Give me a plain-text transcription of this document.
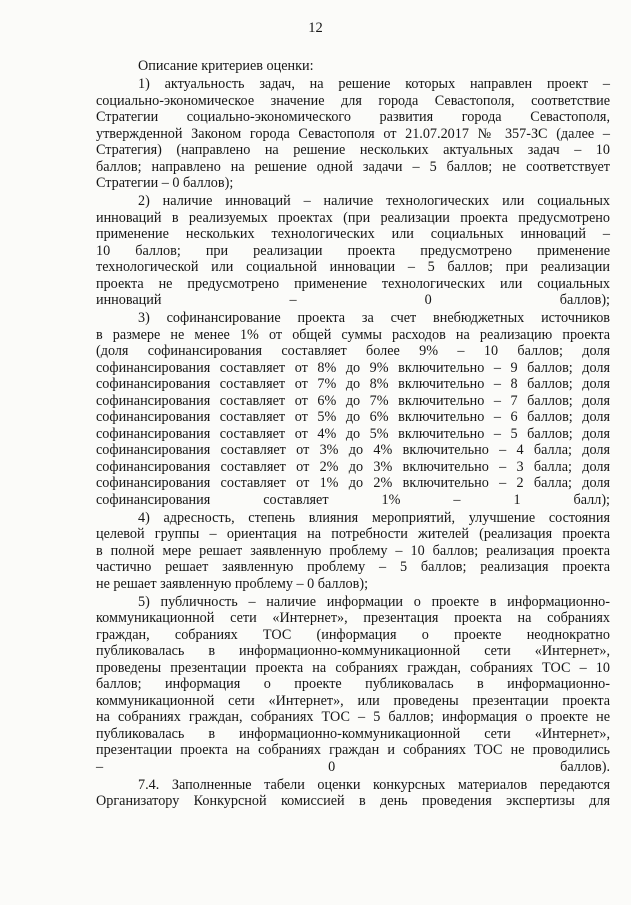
12
Описание критериев оценки:
1) актуальность задач, на решение которых направлен проект –
социально-экономическое значение для города Севастополя, соответствие
Стратегии социально-экономического развития города Севастополя,
утвержденной Законом города Севастополя от 21.07.2017 № 357-ЗС (далее –
Стратегия) (направлено на решение нескольких актуальных задач – 10
баллов; направлено на решение одной задачи – 5 баллов; не соответствует
Стратегии – 0 баллов);
2) наличие инноваций – наличие технологических или социальных
инноваций в реализуемых проектах (при реализации проекта предусмотрено
применение нескольких технологических или социальных инноваций –
10 баллов; при реализации проекта предусмотрено применение
технологической или социальной инновации – 5 баллов; при реализации
проекта не предусмотрено применение технологических или социальных
инноваций – 0 баллов);
3) софинансирование проекта за счет внебюджетных источников
в размере не менее 1% от общей суммы расходов на реализацию проекта
(доля софинансирования составляет более 9% – 10 баллов; доля
софинансирования составляет от 8% до 9% включительно – 9 баллов; доля
софинансирования составляет от 7% до 8% включительно – 8 баллов; доля
софинансирования составляет от 6% до 7% включительно – 7 баллов; доля
софинансирования составляет от 5% до 6% включительно – 6 баллов; доля
софинансирования составляет от 4% до 5% включительно – 5 баллов; доля
софинансирования составляет от 3% до 4% включительно – 4 балла; доля
софинансирования составляет от 2% до 3% включительно – 3 балла; доля
софинансирования составляет от 1% до 2% включительно – 2 балла; доля
софинансирования составляет 1% – 1 балл);
4) адресность, степень влияния мероприятий, улучшение состояния
целевой группы – ориентация на потребности жителей (реализация проекта
в полной мере решает заявленную проблему – 10 баллов; реализация проекта
частично решает заявленную проблему – 5 баллов; реализация проекта
не решает заявленную проблему – 0 баллов);
5) публичность – наличие информации о проекте в информационно-
коммуникационной сети «Интернет», презентация проекта на собраниях
граждан, собраниях ТОС (информация о проекте неоднократно
публиковалась в информационно-коммуникационной сети «Интернет»,
проведены презентации проекта на собраниях граждан, собраниях ТОС – 10
баллов; информация о проекте публиковалась в информационно-
коммуникационной сети «Интернет», или проведены презентации проекта
на собраниях граждан, собраниях ТОС – 5 баллов; информация о проекте не
публиковалась в информационно-коммуникационной сети «Интернет»,
презентации проекта на собраниях граждан и собраниях ТОС не проводились
– 0 баллов).
7.4. Заполненные табели оценки конкурсных материалов передаются
Организатору Конкурсной комиссией в день проведения экспертизы для
